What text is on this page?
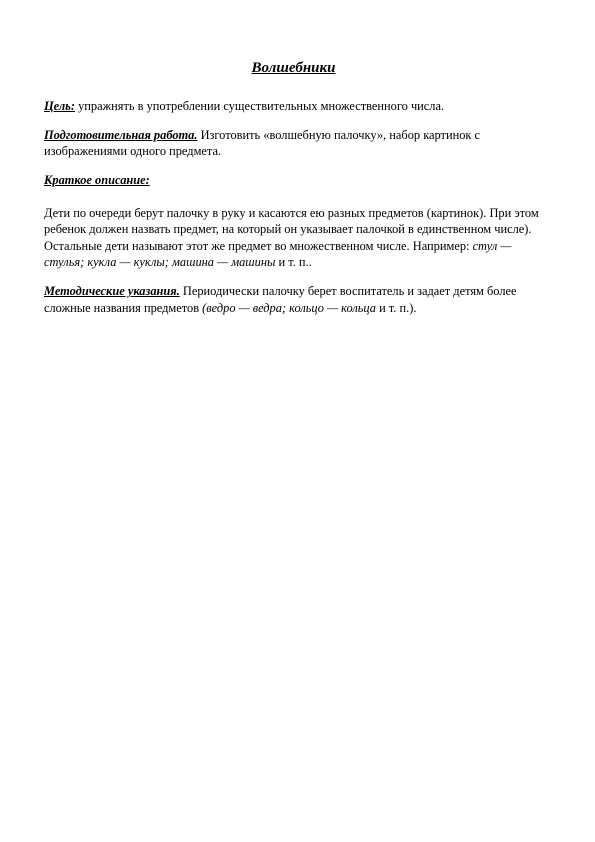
Волшебники

Цель: упражнять в употреблении существительных множественного числа.

Подготовительная работа. Изготовить «волшебную палочку», набор картинок с изображениями одного предмета.

Краткое описание:

Дети по очереди берут палочку в руку и касаются ею разных предметов (картинок). При этом ребенок должен назвать предмет, на который он указывает палочкой в единственном числе). Остальные дети называют этот же предмет во множественном числе. Например: стул — стулья; кукла — куклы; машина — машины и т. п..

Методические указания. Периодически палочку берет воспитатель и задает детям более сложные названия предметов (ведро — ведра; кольцо — кольца и т. п.).
